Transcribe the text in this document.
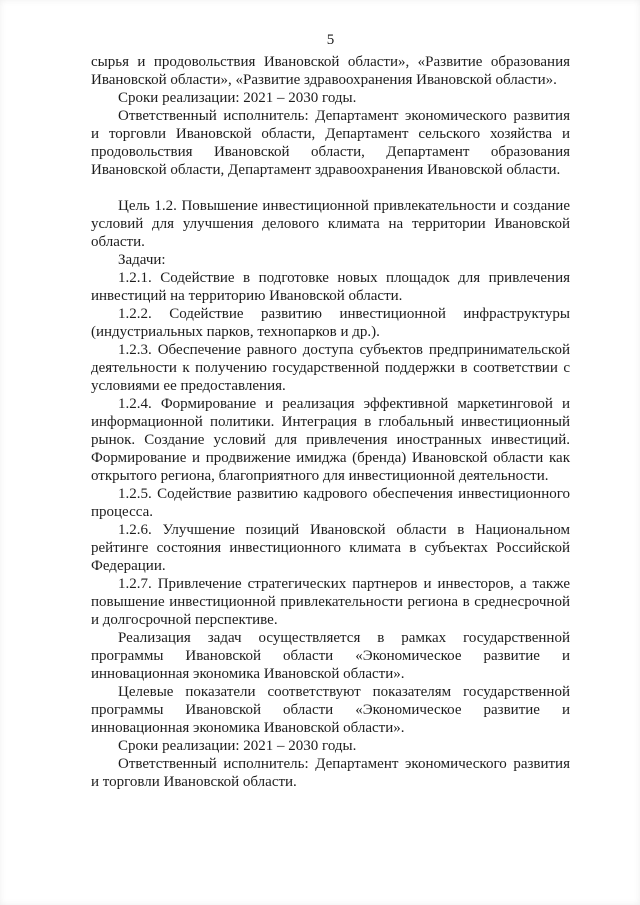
5

сырья и продовольствия Ивановской области», «Развитие образования Ивановской области», «Развитие здравоохранения Ивановской области».

Сроки реализации: 2021 – 2030 годы.

Ответственный исполнитель: Департамент экономического развития и торговли Ивановской области, Департамент сельского хозяйства и продовольствия Ивановской области, Департамент образования Ивановской области, Департамент здравоохранения Ивановской области.

Цель 1.2. Повышение инвестиционной привлекательности и создание условий для улучшения делового климата на территории Ивановской области.

Задачи:

1.2.1. Содействие в подготовке новых площадок для привлечения инвестиций на территорию Ивановской области.

1.2.2. Содействие развитию инвестиционной инфраструктуры (индустриальных парков, технопарков и др.).

1.2.3. Обеспечение равного доступа субъектов предпринимательской деятельности к получению государственной поддержки в соответствии с условиями ее предоставления.

1.2.4. Формирование и реализация эффективной маркетинговой и информационной политики. Интеграция в глобальный инвестиционный рынок. Создание условий для привлечения иностранных инвестиций. Формирование и продвижение имиджа (бренда) Ивановской области как открытого региона, благоприятного для инвестиционной деятельности.

1.2.5. Содействие развитию кадрового обеспечения инвестиционного процесса.

1.2.6. Улучшение позиций Ивановской области в Национальном рейтинге состояния инвестиционного климата в субъектах Российской Федерации.

1.2.7. Привлечение стратегических партнеров и инвесторов, а также повышение инвестиционной привлекательности региона в среднесрочной и долгосрочной перспективе.

Реализация задач осуществляется в рамках государственной программы Ивановской области «Экономическое развитие и инновационная экономика Ивановской области».

Целевые показатели соответствуют показателям государственной программы Ивановской области «Экономическое развитие и инновационная экономика Ивановской области».

Сроки реализации: 2021 – 2030 годы.

Ответственный исполнитель: Департамент экономического развития и торговли Ивановской области.
